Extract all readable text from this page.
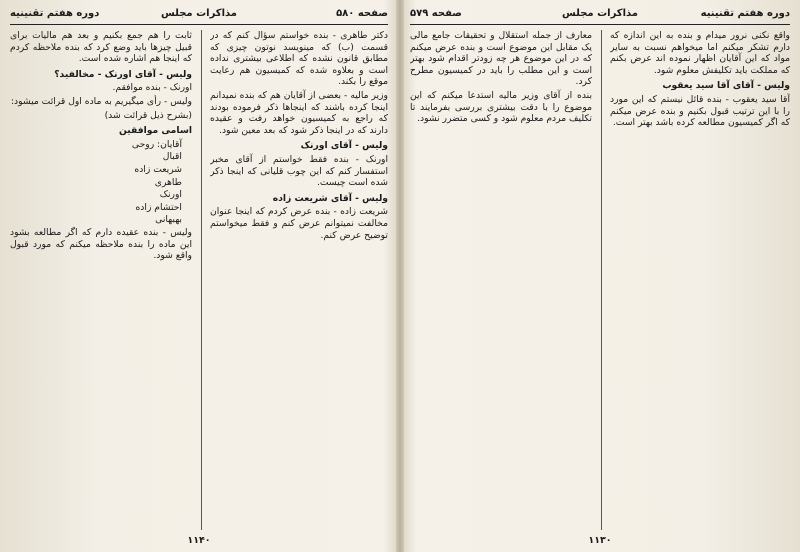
صفحه ۵۸۰
مذاکرات مجلس
دوره هفتم تقنینیه

دکتر طاهری - بنده خواستم سؤال کنم که در قسمت (ب) که مینویسد نوتون چیزی که مطابق قانون نشده که اطلاعی بیشتری نداده است و بعلاوه شده که کمیسیون هم رعایت موقع را بکند.

وزیر مالیه - بعضی از آقایان هم که بنده نمیدانم اینجا کرده باشند که اینجاها ذکر فرموده بودند که راجع به کمیسیون خواهد رفت و عقیده دارند که در اینجا ذکر شود که بعد معین شود.

ولیس - آقای اورنک

اورنک - بنده فقط خواستم از آقای مخبر استفسار کنم که این چوب قلیانی که اینجا ذکر شده است چیست.

ولیس - آقای شریعت زاده

شریعت زاده - بنده عرض کردم که اینجا عنوان مخالفت نمیتوانم عرض کنم و فقط میخواستم توضیح عرض کنم.

ثابت را هم جمع بکنیم و بعد هم مالیات برای قبیل چیزها باید وضع کرد که بنده ملاحظه کردم که اینجا هم اشاره شده است.

ولیس - آقای اورنک - مخالفید؟

اورنک - بنده موافقم.

ولیس - رأی میگیریم به ماده اول قرائت میشود:

(بشرح ذیل قرائت شد)

اسامی موافقین

آقایان: روحی

اقبال

شریعت زاده

طاهری

اورنک

احتشام زاده

بهبهانی

ولیس - بنده عقیده دارم که اگر مطالعه بشود این ماده را بنده ملاحظه میکنم که مورد قبول واقع شود.

۱۱۴۰
دوره هفتم تقنینیه
مذاکرات مجلس
صفحه ۵۷۹

واقع نکنی نرور میدام و بنده به این اندازه که دارم تشکر میکنم اما میخواهم نسبت به سایر مواد که این آقایان اظهار نموده اند عرض بکنم که مملکت باید تکلیفش معلوم شود.

ولیس - آقای آقا سید یعقوب

آقا سید یعقوب - بنده قائل نیستم که این مورد را با این ترتیب قبول بکنیم و بنده عرض میکنم که اگر کمیسیون مطالعه کرده باشد بهتر است.

معارف از جمله استقلال و تحقیقات جامع مالی یک مقابل این موضوع است و بنده عرض میکنم که در این موضوع هر چه زودتر اقدام شود بهتر است و این مطلب را باید در کمیسیون مطرح کرد.

بنده از آقای وزیر مالیه استدعا میکنم که این موضوع را با دقت بیشتری بررسی بفرمایند تا تکلیف مردم معلوم شود و کسی متضرر نشود.

۱۱۳۰
